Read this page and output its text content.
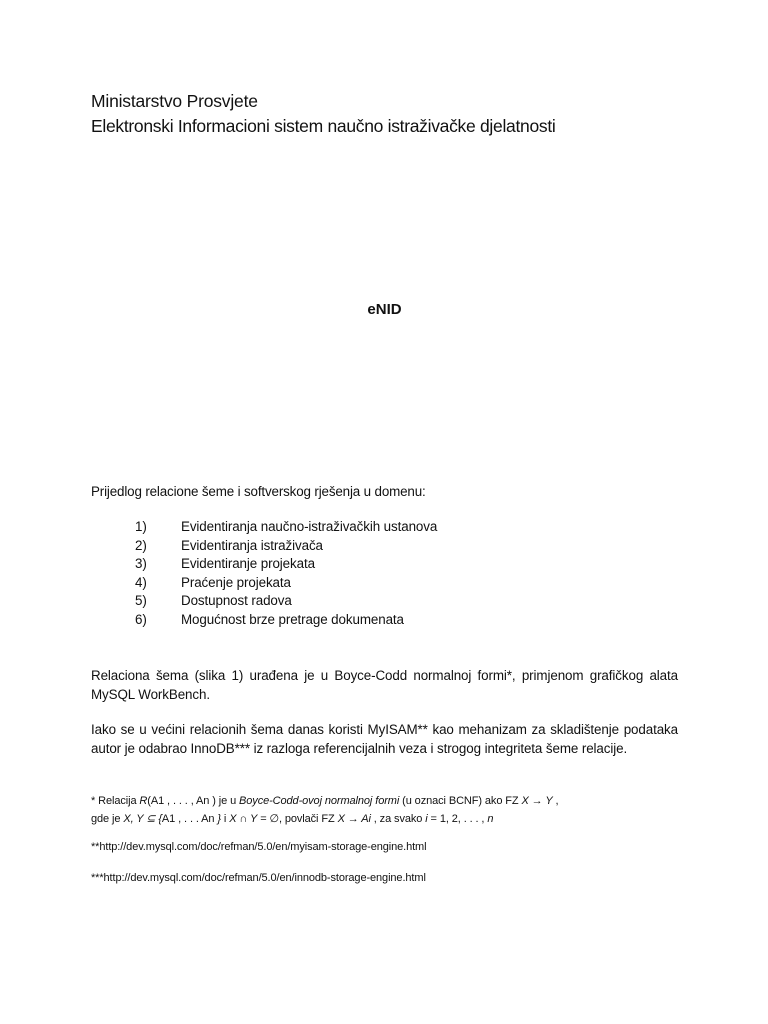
Ministarstvo Prosvjete
Elektronski Informacioni sistem naučno istraživačke djelatnosti
eNID
Prijedlog relacione šeme i softverskog rješenja u domenu:
1)	Evidentiranja naučno-istraživačkih ustanova
2)	Evidentiranja istraživača
3)	Evidentiranje projekata
4)	Praćenje projekata
5)	Dostupnost radova
6)	Mogućnost brze pretrage dokumenata
Relaciona šema (slika 1) urađena je u Boyce-Codd normalnoj formi*, primjenom grafičkog alata MySQL WorkBench.
Iako se u većini relacionih šema danas koristi MyISAM** kao mehanizam za skladištenje podataka autor je odabrao InnoDB*** iz razloga referencijalnih veza i strogog integriteta šeme relacije.
* Relacija R(A1 , . . . , An ) je u Boyce-Codd-ovoj normalnoj formi (u oznaci BCNF) ako FZ X → Y ,
gde je X, Y ⊆ {A1 , . . . An } i X ∩ Y = ∅, povlači FZ X → Ai , za svako i = 1, 2, . . . , n
**http://dev.mysql.com/doc/refman/5.0/en/myisam-storage-engine.html
***http://dev.mysql.com/doc/refman/5.0/en/innodb-storage-engine.html
